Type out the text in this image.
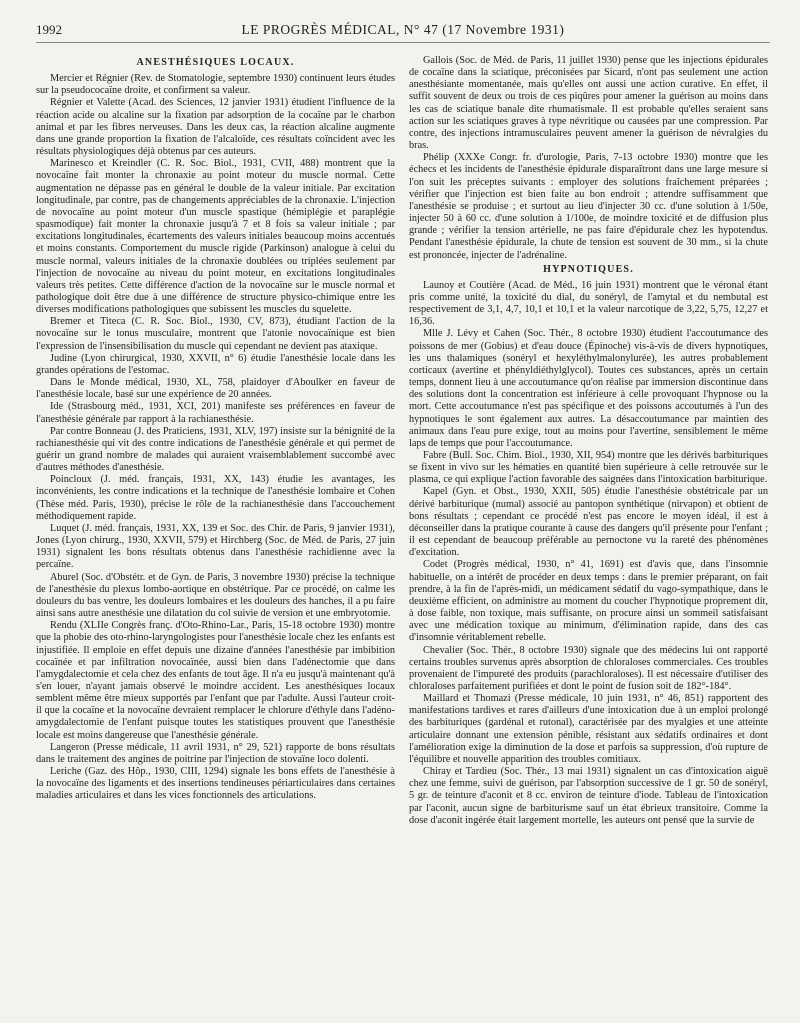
1992	LE PROGRÈS MÉDICAL, N° 47 (17 Novembre 1931)
ANESTHÉSIQUES LOCAUX.

Mercier et Régnier (Rev. de Stomatologie, septembre 1930) continuent leurs études sur la pseudococaïne droite, et confirment sa valeur.

Régnier et Valette (Acad. des Sciences, 12 janvier 1931) étudient l'influence de la réaction acide ou alcaline sur la fixation par adsorption de la cocaïne par le charbon animal et par les fibres nerveuses. Dans les deux cas, la réaction alcaline augmente dans une grande proportion la fixation de l'alcaloïde, ces résultats coïncident avec les résultats physiologiques déjà obtenus par ces auteurs.

Marinesco et Kreindler (C. R. Soc. Biol., 1931, CVII, 488) montrent que la novocaïne fait monter la chronaxie au point moteur du muscle normal. Cette augmentation ne dépasse pas en général le double de la valeur initiale. Par excitation longitudinale, par contre, pas de changements appréciables de la chronaxie. L'injection de novocaïne au point moteur d'un muscle spastique (hémiplégie et paraplégie spasmodique) fait monter la chronaxie jusqu'à 7 et 8 fois sa valeur initiale ; par excitations longitudinales, écartements des valeurs initiales beaucoup moins accentués et moins constants. Comportement du muscle rigide (Parkinson) analogue à celui du muscle normal, valeurs initiales de la chronaxie doublées ou triplées seulement par l'injection de novocaïne au niveau du point moteur, en excitations longitudinales valeurs très petites. Cette différence d'action de la novocaïne sur le muscle normal et pathologique doit être due à une différence de structure physico-chimique entre les diverses modifications pathologiques que subissent les muscles du squelette.

Bremer et Titeca (C. R. Soc. Biol., 1930, CV, 873), étudiant l'action de la novocaïne sur le tonus musculaire, montrent que l'atonie novocaïnique est bien l'expression de l'insensibilisation du muscle qui cependant ne devient pas ataxique.

Judine (Lyon chirurgical, 1930, XXVII, n° 6) étudie l'anesthésie locale dans les grandes opérations de l'estomac.

Dans le Monde médical, 1930, XL, 758, plaidoyer d'Aboulker en faveur de l'anesthésie locale, basé sur une expérience de 20 années.

Ide (Strasbourg méd., 1931, XCI, 201) manifeste ses préférences en faveur de l'anesthésie générale par rapport à la rachianesthésie.

Par contre Bonneau (J. des Praticiens, 1931, XLV, 197) insiste sur la bénignité de la rachianesthésie qui vit des contre indications de l'anesthésie générale et qui permet de guérir un grand nombre de malades qui auraient vraisemblablement succombé avec d'autres méthodes d'anesthésie.

Poincloux (J. méd. français, 1931, XX, 143) étudie les avantages, les inconvénients, les contre indications et la technique de l'anesthésie lombaire et Cohen (Thèse méd. Paris, 1930), précise le rôle de la rachianesthésie dans l'accouchement méthodiquement rapide.

Luquet (J. méd. français, 1931, XX, 139 et Soc. des Chir. de Paris, 9 janvier 1931), Jones (Lyon chirurg., 1930, XXVII, 579) et Hirchberg (Soc. de Méd. de Paris, 27 juin 1931) signalent les bons résultats obtenus dans l'anesthésie rachidienne avec la percaïne.

Aburel (Soc. d'Obstétr. et de Gyn. de Paris, 3 novembre 1930) précise la technique de l'anesthésie du plexus lombo-aortique en obstétrique. Par ce procédé, on calme les douleurs du bas ventre, les douleurs lombaires et les douleurs des hanches, il a pu faire ainsi sans autre anesthésie une dilatation du col suivie de version et une embryotomie.

Rendu (XLIIe Congrès franç. d'Oto-Rhino-Lar., Paris, 15-18 octobre 1930) montre que la phobie des oto-rhino-laryngologistes pour l'anesthésie locale chez les enfants est injustifiée. Il emploie en effet depuis une dizaine d'années l'anesthésie par imbibition cocaïnée et par infiltration novocaïnée, aussi bien dans l'adénectomie que dans l'amygdalectomie et cela chez des enfants de tout âge. Il n'a eu jusqu'à maintenant qu'à s'en louer, n'ayant jamais observé le moindre accident. Les anesthésiques locaux semblent même être mieux supportés par l'enfant que par l'adulte. Aussi l'auteur croit-il que la cocaïne et la novocaïne devraient remplacer le chlorure d'éthyle dans l'adéno-amygdalectomie de l'enfant puisque toutes les statistiques prouvent que l'anesthésie locale est moins dangereuse que l'anesthésie générale.

Langeron (Presse médicale, 11 avril 1931, n° 29, 521) rapporte de bons résultats dans le traitement des angines de poitrine par l'injection de stovaïne loco dolenti.

Leriche (Gaz. des Hôp., 1930, CIII, 1294) signale les bons effets de l'anesthésie à la novocaïne des ligaments et des insertions tendineuses périarticulaires dans certaines maladies articulaires et dans les vices fonctionnels des articulations.

Gallois (Soc. de Méd. de Paris, 11 juillet 1930) pense que les injections épidurales de cocaïne dans la sciatique, préconisées par Sicard, n'ont pas seulement une action anesthésiante momentanée, mais qu'elles ont aussi une action curative. En effet, il suffit souvent de deux ou trois de ces piqûres pour amener la guérison au moins dans les cas de sciatique banale dite rhumatismale. Il est probable qu'elles seraient sans action sur les sciatiques graves à type névritique ou causées par une compression. Par contre, des injections intramusculaires peuvent amener la guérison de névralgies du bras.

Phélip (XXXe Congr. fr. d'urologie, Paris, 7-13 octobre 1930) montre que les échecs et les incidents de l'anesthésie épidurale disparaîtront dans une large mesure si l'on suit les préceptes suivants : employer des solutions fraîchement préparées ; vérifier que l'injection est bien faite au bon endroit ; attendre suffisamment que l'anesthésie se produise ; et surtout au lieu d'injecter 30 cc. d'une solution à 1/50e, injecter 50 à 60 cc. d'une solution à 1/100e, de moindre toxicité et de diffusion plus grande ; vérifier la tension artérielle, ne pas faire d'épidurale chez les hypotendus. Pendant l'anesthésie épidurale, la chute de tension est souvent de 30 mm., si la chute est prononcée, injecter de l'adrénaline.

HYPNOTIQUES.

Launoy et Coutière (Acad. de Méd., 16 juin 1931) montrent que le véronal étant pris comme unité, la toxicité du dial, du sonéryl, de l'amytal et du nembutal est respectivement de 3,1, 4,7, 10,1 et 10,1 et la valeur narcotique de 3,22, 5,75, 12,27 et 16,36.

Mlle J. Lévy et Cahen (Soc. Thér., 8 octobre 1930) étudient l'accoutumance des poissons de mer (Gobius) et d'eau douce (Épinoche) vis-à-vis de divers hypnotiques, les uns thalamiques (sonéryl et hexyléthylmalonylurée), les autres probablement corticaux (avertine et phényldiéthylglycol). Toutes ces substances, après un certain temps, donnent lieu à une accoutumance qu'on réalise par immersion discontinue dans des solutions dont la concentration est inférieure à celle provoquant l'hypnose ou la mort. Cette accoutumance n'est pas spécifique et des poissons accoutumés à l'un des hypnotiques le sont également aux autres. La désaccoutumance par maintien des animaux dans l'eau pure exige, tout au moins pour l'avertine, sensiblement le même laps de temps que pour l'accoutumance.

Fabre (Bull. Soc. Chim. Biol., 1930, XII, 954) montre que les dérivés barbituriques se fixent in vivo sur les hématies en quantité bien supérieure à celle retrouvée sur le plasma, ce qui explique l'action favorable des saignées dans l'intoxication barbiturique.

Kapel (Gyn. et Obst., 1930, XXII, 505) étudie l'anesthésie obstétricale par un dérivé barbiturique (numal) associé au pantopon synthétique (nirvapon) et obtient de bons résultats ; cependant ce procédé n'est pas encore le moyen idéal, il est à déconseiller dans la pratique courante à cause des dangers qu'il présente pour l'enfant ; il est cependant de beaucoup préférable au pernoctone vu la rareté des phénomènes d'excitation.

Codet (Progrès médical, 1930, n° 41, 1691) est d'avis que, dans l'insomnie habituelle, on a intérêt de procéder en deux temps : dans le premier préparant, on fait prendre, à la fin de l'après-midi, un médicament sédatif du vago-sympathique, dans le deuxième efficient, on administre au moment du coucher l'hypnotique proprement dit, à dose faible, non toxique, mais suffisante, on procure ainsi un sommeil satisfaisant avec une médication toxique au minimum, d'élimination rapide, dans des cas d'insomnie véritablement rebelle.

Chevalier (Soc. Thér., 8 octobre 1930) signale que des médecins lui ont rapporté certains troubles survenus après absorption de chloraloses commerciales. Ces troubles provenaient de l'impureté des produits (parachloraloses). Il est nécessaire d'utiliser des chloraloses parfaitement purifiées et dont le point de fusion soit de 182°-184°.

Maillard et Thomazi (Presse médicale, 10 juin 1931, n° 46, 851) rapportent des manifestations tardives et rares d'ailleurs d'une intoxication due à un emploi prolongé des barbituriques (gardénal et rutonal), caractérisée par des myalgies et une atteinte articulaire donnant une extension pénible, résistant aux sédatifs ordinaires et dont l'amélioration exige la diminution de la dose et parfois sa suppression, d'où rupture de l'équilibre et nouvelle apparition des troubles comitiaux.

Chiray et Tardieu (Soc. Thér., 13 mai 1931) signalent un cas d'intoxication aiguë chez une femme, suivi de guérison, par l'absorption successive de 1 gr. 50 de sonéryl, 5 gr. de teinture d'aconit et 8 cc. environ de teinture d'iode. Tableau de l'intoxication par l'aconit, aucun signe de barbiturisme sauf un état ébrieux transitoire. Comme la dose d'aconit ingérée était largement mortelle, les auteurs ont pensé que la survie de
